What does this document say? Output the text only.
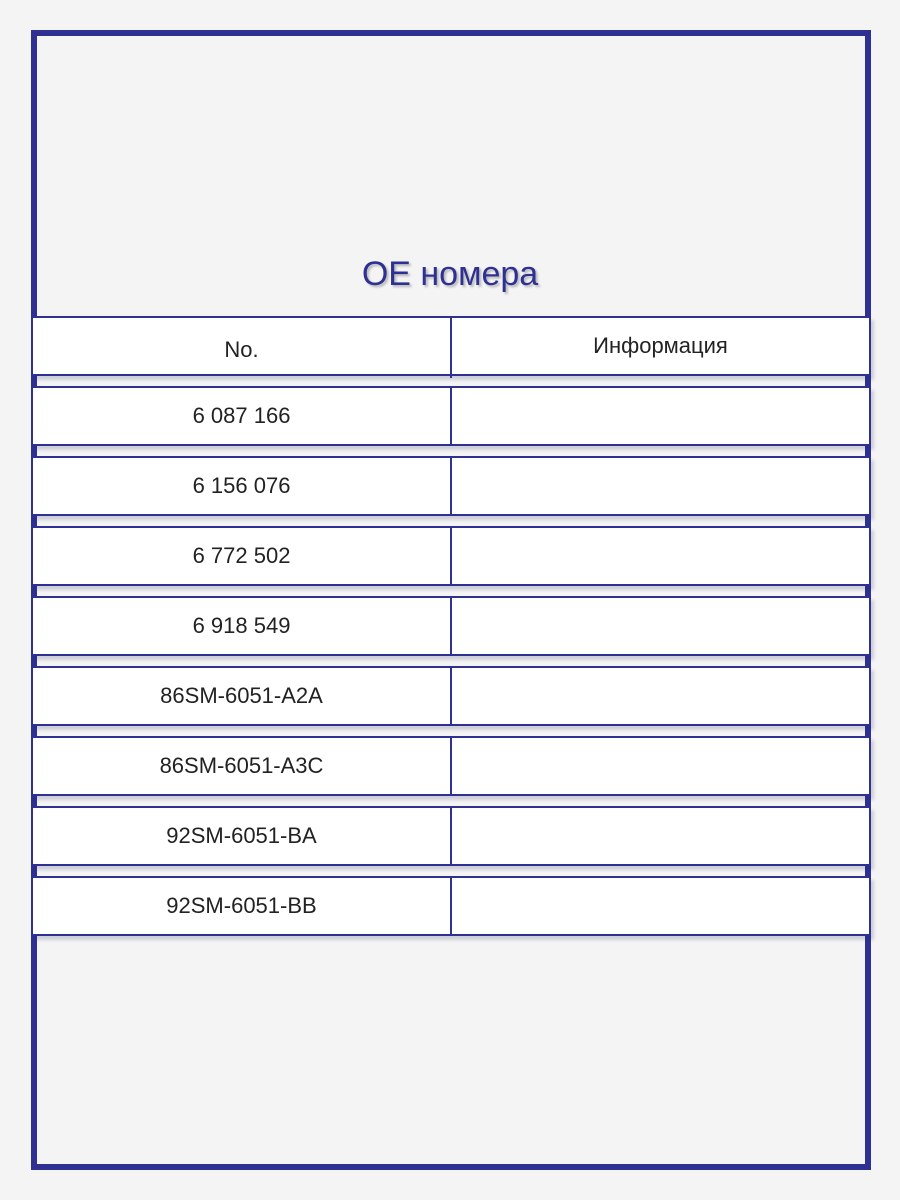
OE номера
No.	Информация
6 087 166
6 156 076
6 772 502
6 918 549
86SM-6051-A2A
86SM-6051-A3C
92SM-6051-BA
92SM-6051-BB
